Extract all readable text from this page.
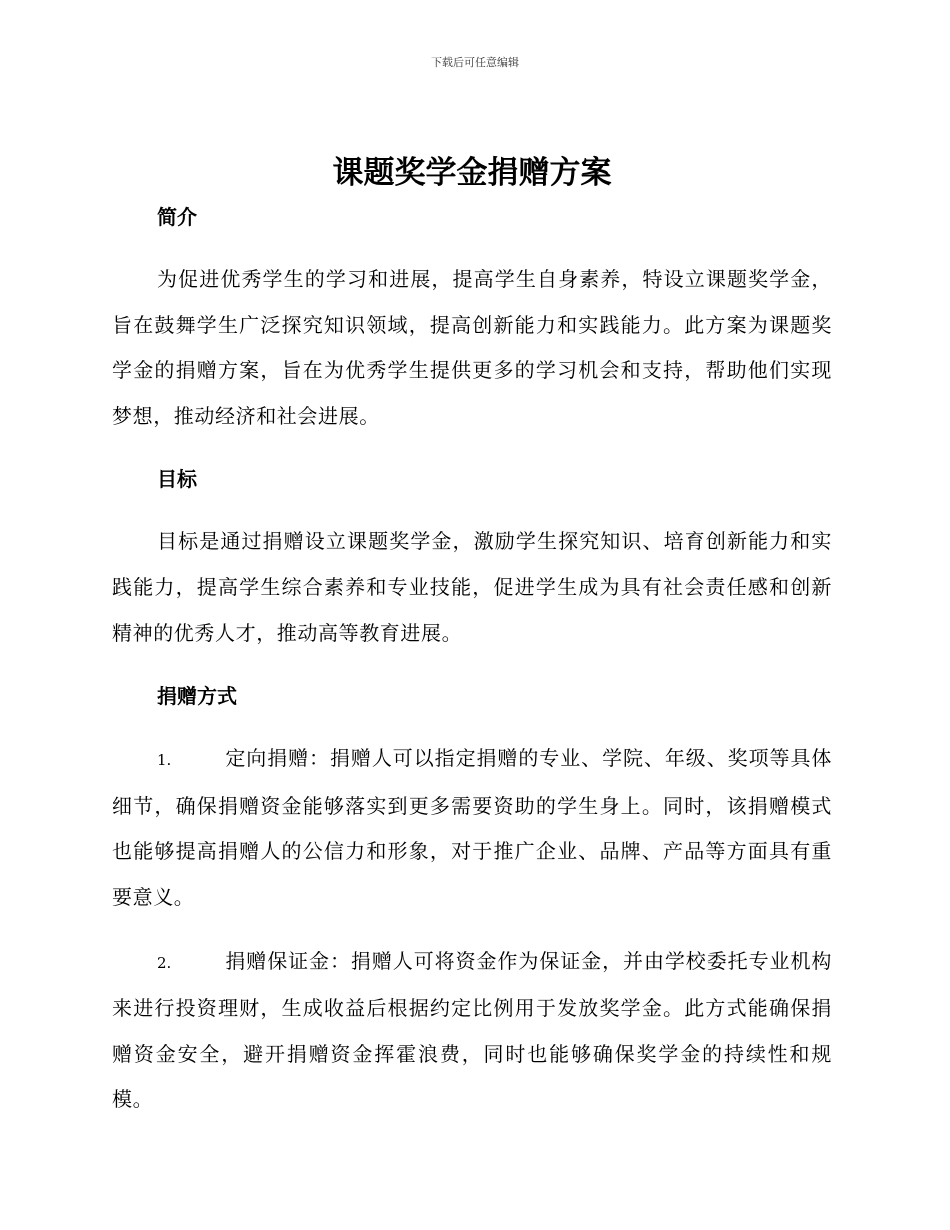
下载后可任意编辑
课题奖学金捐赠方案
简介

为促进优秀学生的学习和进展，提高学生自身素养，特设立课题奖学金，旨在鼓舞学生广泛探究知识领域，提高创新能力和实践能力。此方案为课题奖学金的捐赠方案，旨在为优秀学生提供更多的学习机会和支持，帮助他们实现梦想，推动经济和社会进展。

目标

目标是通过捐赠设立课题奖学金，激励学生探究知识、培育创新能力和实践能力，提高学生综合素养和专业技能，促进学生成为具有社会责任感和创新精神的优秀人才，推动高等教育进展。

捐赠方式

1.	定向捐赠：捐赠人可以指定捐赠的专业、学院、年级、奖项等具体细节，确保捐赠资金能够落实到更多需要资助的学生身上。同时，该捐赠模式也能够提高捐赠人的公信力和形象，对于推广企业、品牌、产品等方面具有重要意义。

2.	捐赠保证金：捐赠人可将资金作为保证金，并由学校委托专业机构来进行投资理财，生成收益后根据约定比例用于发放奖学金。此方式能确保捐赠资金安全，避开捐赠资金挥霍浪费，同时也能够确保奖学金的持续性和规模。
